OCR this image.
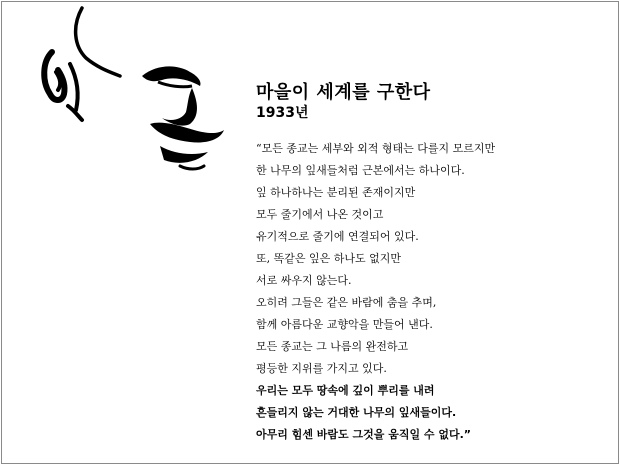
마을이 세계를 구한다
1933년
“모든 종교는 세부와 외적 형태는 다를지 모르지만
한 나무의 잎새들처럼 근본에서는 하나이다.
잎 하나하나는 분리된 존재이지만
모두 줄기에서 나온 것이고
유기적으로 줄기에 연결되어 있다.
또, 똑같은 잎은 하나도 없지만
서로 싸우지 않는다.
오히려 그들은 같은 바람에 춤을 추며,
함께 아름다운 교향악을 만들어 낸다.
모든 종교는 그 나름의 완전하고
평등한 지위를 가지고 있다.
우리는 모두 땅속에 깊이 뿌리를 내려
흔들리지 않는 거대한 나무의 잎새들이다.
아무리 힘센 바람도 그것을 움직일 수 없다.”
